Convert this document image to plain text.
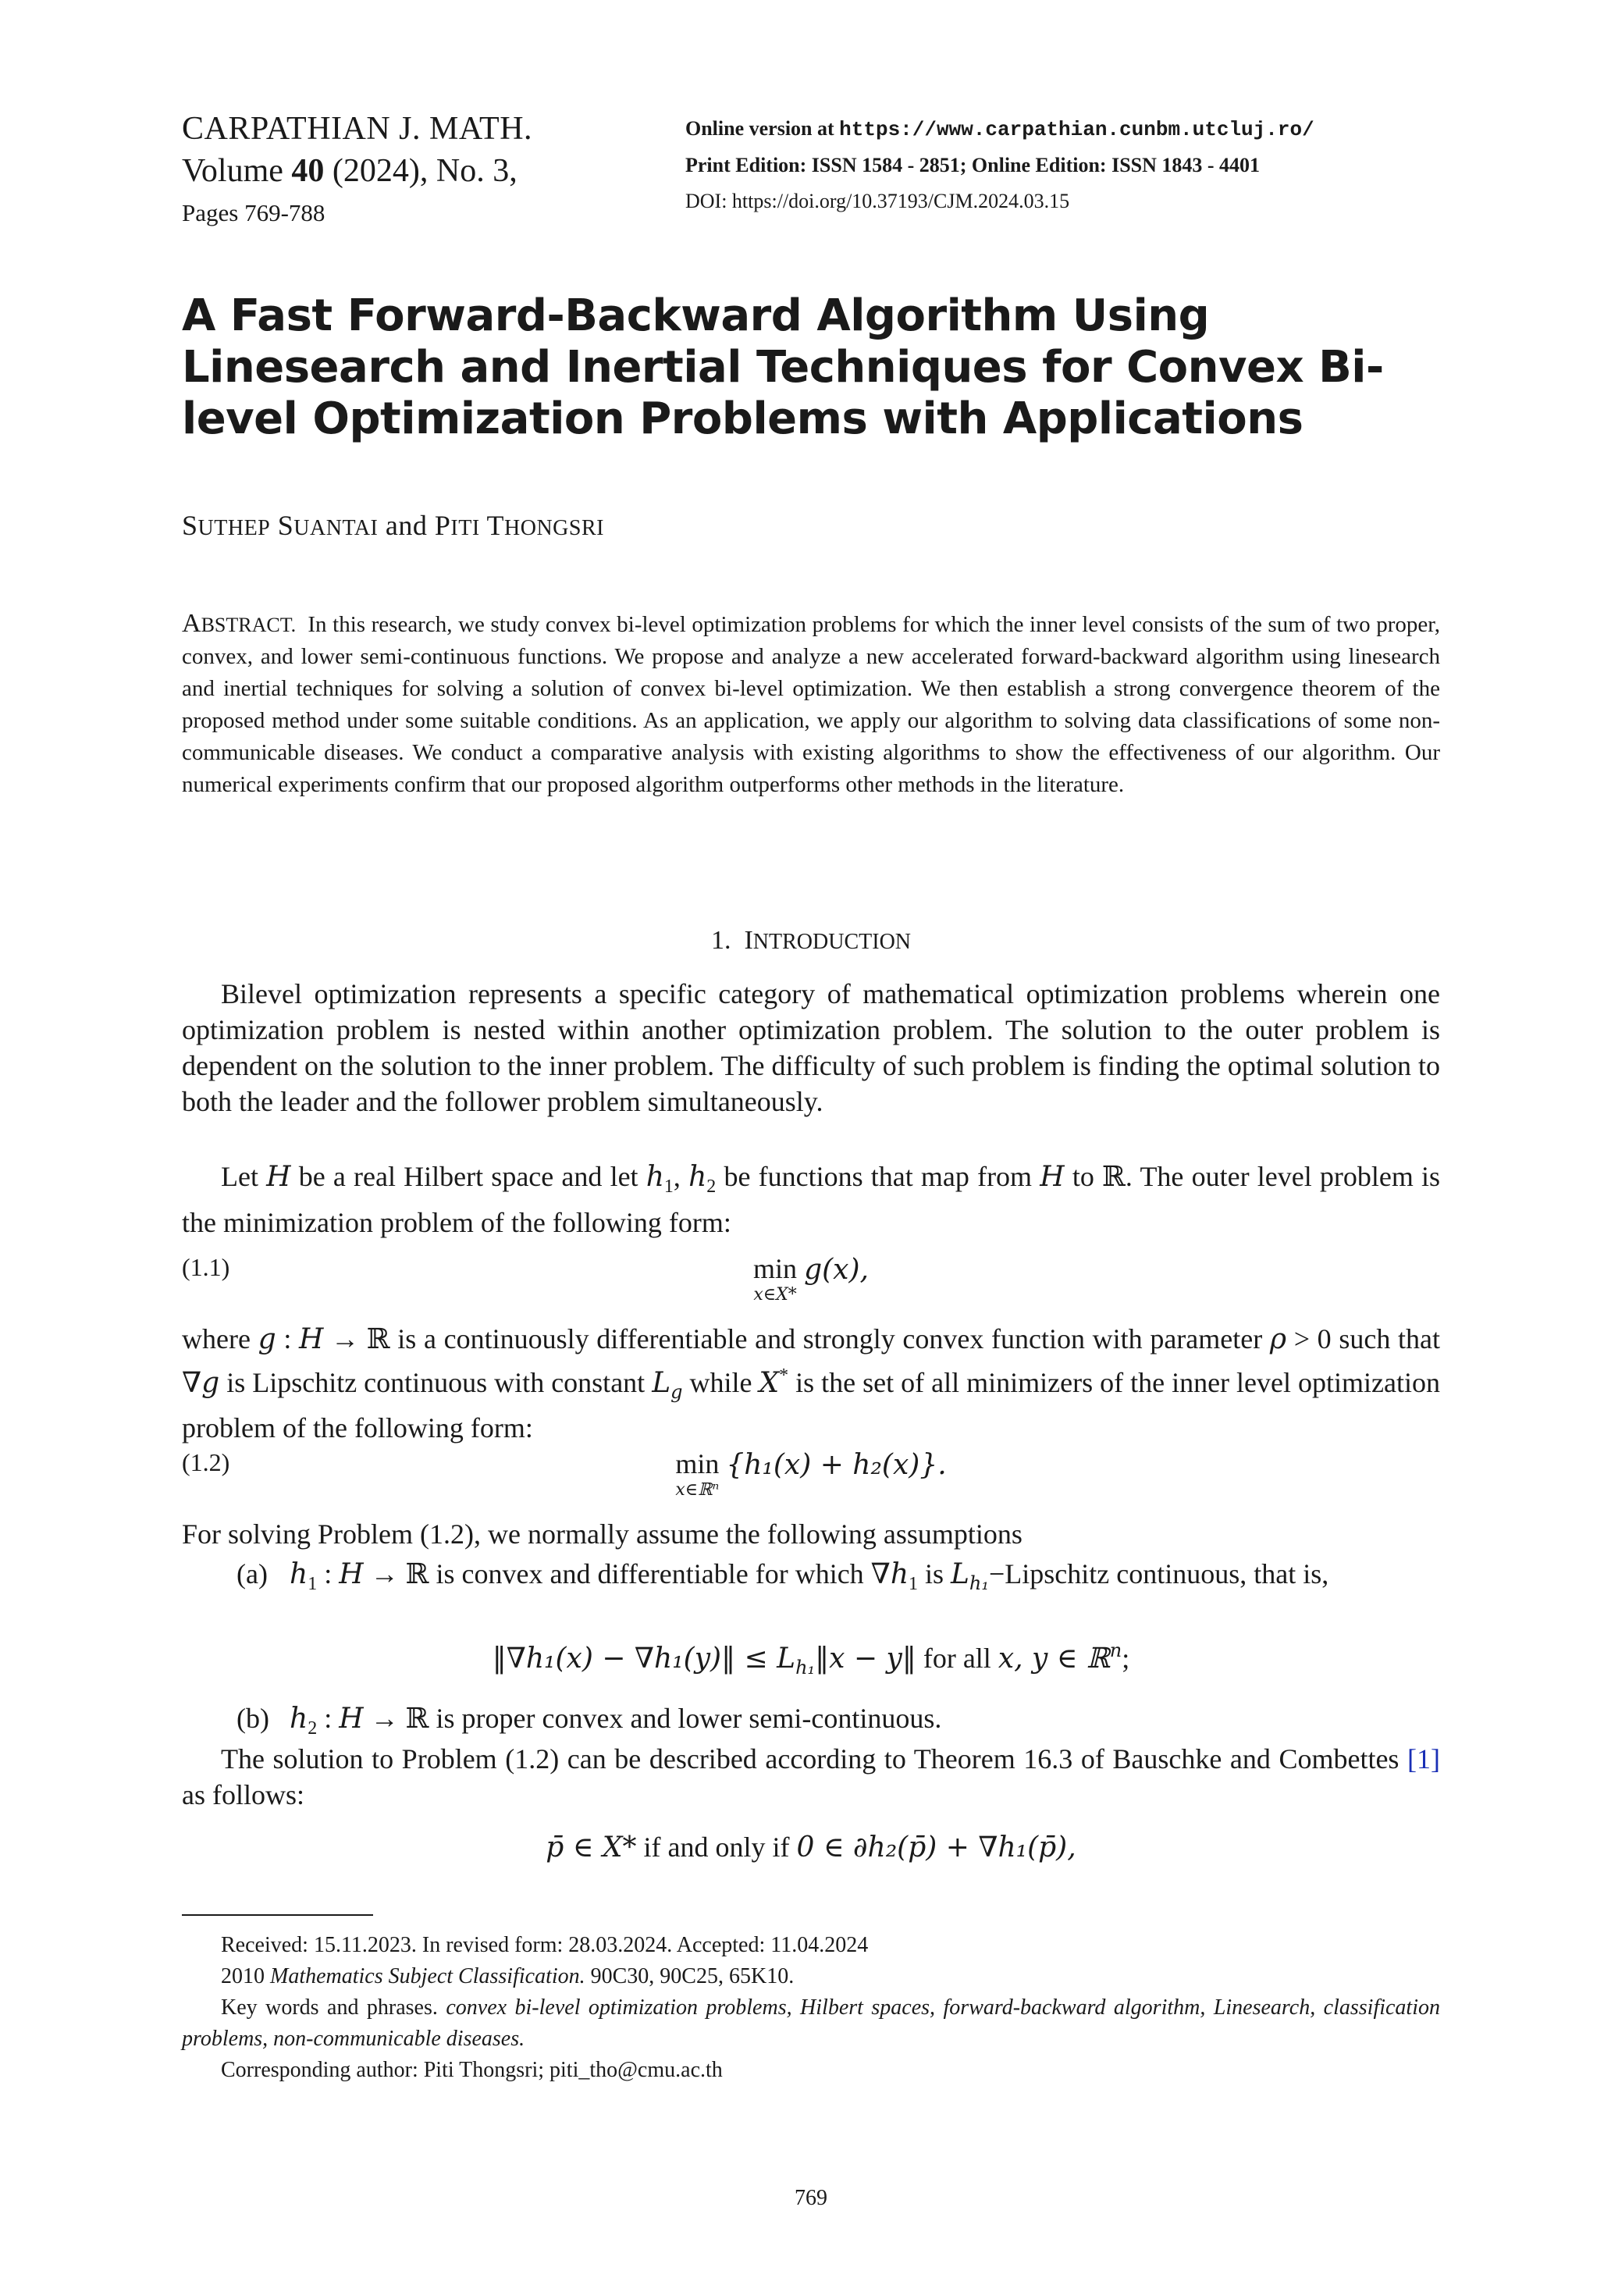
CARPATHIAN J. MATH.
Volume 40 (2024), No. 3,
Pages 769-788
Online version at https://www.carpathian.cunbm.utcluj.ro/
Print Edition: ISSN 1584 - 2851; Online Edition: ISSN 1843 - 4401
DOI: https://doi.org/10.37193/CJM.2024.03.15
A Fast Forward-Backward Algorithm Using Linesearch and Inertial Techniques for Convex Bi-level Optimization Problems with Applications
SUTHEP SUANTAI and PITI THONGSRI
ABSTRACT. In this research, we study convex bi-level optimization problems for which the inner level consists of the sum of two proper, convex, and lower semi-continuous functions. We propose and analyze a new accelerated forward-backward algorithm using linesearch and inertial techniques for solving a solution of convex bi-level optimization. We then establish a strong convergence theorem of the proposed method under some suitable conditions. As an application, we apply our algorithm to solving data classifications of some non-communicable diseases. We conduct a comparative analysis with existing algorithms to show the effectiveness of our algorithm. Our numerical experiments confirm that our proposed algorithm outperforms other methods in the literature.
1. INTRODUCTION
Bilevel optimization represents a specific category of mathematical optimization problems wherein one optimization problem is nested within another optimization problem. The solution to the outer problem is dependent on the solution to the inner problem. The difficulty of such problem is finding the optimal solution to both the leader and the follower problem simultaneously.
Let H be a real Hilbert space and let $h_1$, $h_2$ be functions that map from H to ℝ. The outer level problem is the minimization problem of the following form:
(1.1)	min
x∈X*
g(x),
where g : H → ℝ is a continuously differentiable and strongly convex function with parameter ρ > 0 such that ∇g is Lipschitz continuous with constant $L_g$ while X* is the set of all minimizers of the inner level optimization problem of the following form:
(1.2)	min
x∈ℝⁿ
{h₁(x) + h₂(x)}.
For solving Problem (1.2), we normally assume the following assumptions
(a) $h_1$ : H → ℝ is convex and differentiable for which $\nabla h_1$ is $L_{h_1}-Lipschitz$ continuous, that is,
‖∇h₁(x) − ∇h₁(y)‖ ≤ $L_{h_1}‖x$ − y‖ for all x, y ∈ ℝ$^n$;
(b) $h_2$ : H → ℝ is proper convex and lower semi-continuous.
The solution to Problem (1.2) can be described according to Theorem 16.3 of Bauschke and Combettes [1] as follows:
p̄ ∈ X* if and only if 0 ∈ ∂h₂(p̄) + ∇h₁(p̄),
Received: 15.11.2023. In revised form: 28.03.2024. Accepted: 11.04.2024
2010 Mathematics Subject Classification. 90C30, 90C25, 65K10.
Key words and phrases. convex bi-level optimization problems, Hilbert spaces, forward-backward algorithm, Linesearch, classification problems, non-communicable diseases.
Corresponding author: Piti Thongsri; piti_tho@cmu.ac.th
769
